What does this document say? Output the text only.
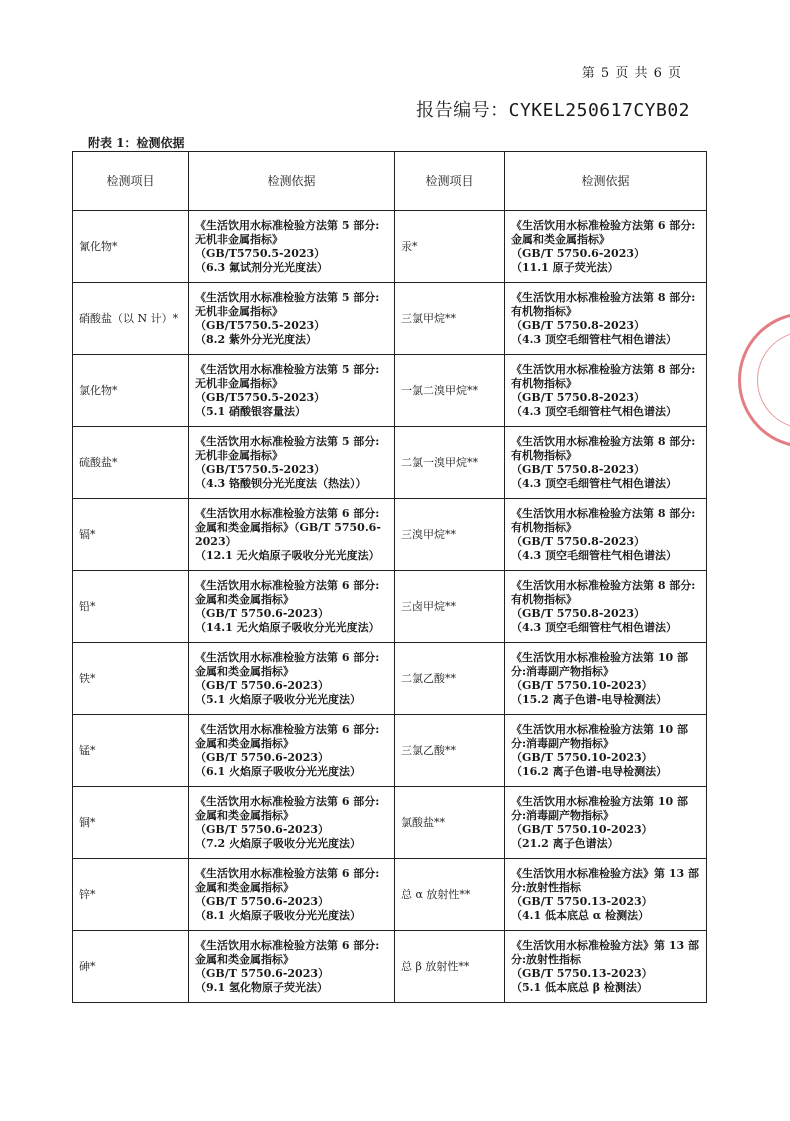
第 5 页 共 6 页
报告编号：CYKEL250617CYB02
附表 1：检测依据
检测项目	检测依据	检测项目	检测依据
氰化物*	《生活饮用水标准检验方法第 5 部分:无机非金属指标》
（GB/T5750.5-2023）
（6.3 氟试剂分光光度法）	汞*	《生活饮用水标准检验方法第 6 部分:金属和类金属指标》
（GB/T 5750.6-2023）
（11.1 原子荧光法）
硝酸盐（以 N 计）*	《生活饮用水标准检验方法第 5 部分:无机非金属指标》
（GB/T5750.5-2023）
（8.2 紫外分光光度法）	三氯甲烷**	《生活饮用水标准检验方法第 8 部分:有机物指标》
（GB/T 5750.8-2023）
（4.3 顶空毛细管柱气相色谱法）
氯化物*	《生活饮用水标准检验方法第 5 部分:无机非金属指标》
（GB/T5750.5-2023）
（5.1 硝酸银容量法）	一氯二溴甲烷**	《生活饮用水标准检验方法第 8 部分:有机物指标》
（GB/T 5750.8-2023）
（4.3 顶空毛细管柱气相色谱法）
硫酸盐*	《生活饮用水标准检验方法第 5 部分:无机非金属指标》
（GB/T5750.5-2023）
（4.3 铬酸钡分光光度法（热法））	二氯一溴甲烷**	《生活饮用水标准检验方法第 8 部分:有机物指标》
（GB/T 5750.8-2023）
（4.3 顶空毛细管柱气相色谱法）
镉*	《生活饮用水标准检验方法第 6 部分:金属和类金属指标》（GB/T 5750.6-2023）
（12.1 无火焰原子吸收分光光度法）	三溴甲烷**	《生活饮用水标准检验方法第 8 部分:有机物指标》
（GB/T 5750.8-2023）
（4.3 顶空毛细管柱气相色谱法）
铅*	《生活饮用水标准检验方法第 6 部分:金属和类金属指标》
（GB/T 5750.6-2023）
（14.1 无火焰原子吸收分光光度法）	三卤甲烷**	《生活饮用水标准检验方法第 8 部分:有机物指标》
（GB/T 5750.8-2023）
（4.3 顶空毛细管柱气相色谱法）
铁*	《生活饮用水标准检验方法第 6 部分:金属和类金属指标》
（GB/T 5750.6-2023）
（5.1 火焰原子吸收分光光度法）	二氯乙酸**	《生活饮用水标准检验方法第 10 部分:消毒副产物指标》
（GB/T 5750.10-2023）
（15.2 离子色谱-电导检测法）
锰*	《生活饮用水标准检验方法第 6 部分:金属和类金属指标》
（GB/T 5750.6-2023）
（6.1 火焰原子吸收分光光度法）	三氯乙酸**	《生活饮用水标准检验方法第 10 部分:消毒副产物指标》
（GB/T 5750.10-2023）
（16.2 离子色谱-电导检测法）
铜*	《生活饮用水标准检验方法第 6 部分:金属和类金属指标》
（GB/T 5750.6-2023）
（7.2 火焰原子吸收分光光度法）	氯酸盐**	《生活饮用水标准检验方法第 10 部分:消毒副产物指标》
（GB/T 5750.10-2023）
（21.2 离子色谱法）
锌*	《生活饮用水标准检验方法第 6 部分:金属和类金属指标》
（GB/T 5750.6-2023）
（8.1 火焰原子吸收分光光度法）	总 α 放射性**	《生活饮用水标准检验方法》第 13 部分:放射性指标
（GB/T 5750.13-2023）
（4.1 低本底总 α 检测法）
砷*	《生活饮用水标准检验方法第 6 部分:金属和类金属指标》
（GB/T 5750.6-2023）
（9.1 氢化物原子荧光法）	总 β 放射性**	《生活饮用水标准检验方法》第 13 部分:放射性指标
（GB/T 5750.13-2023）
（5.1 低本底总 β 检测法）
